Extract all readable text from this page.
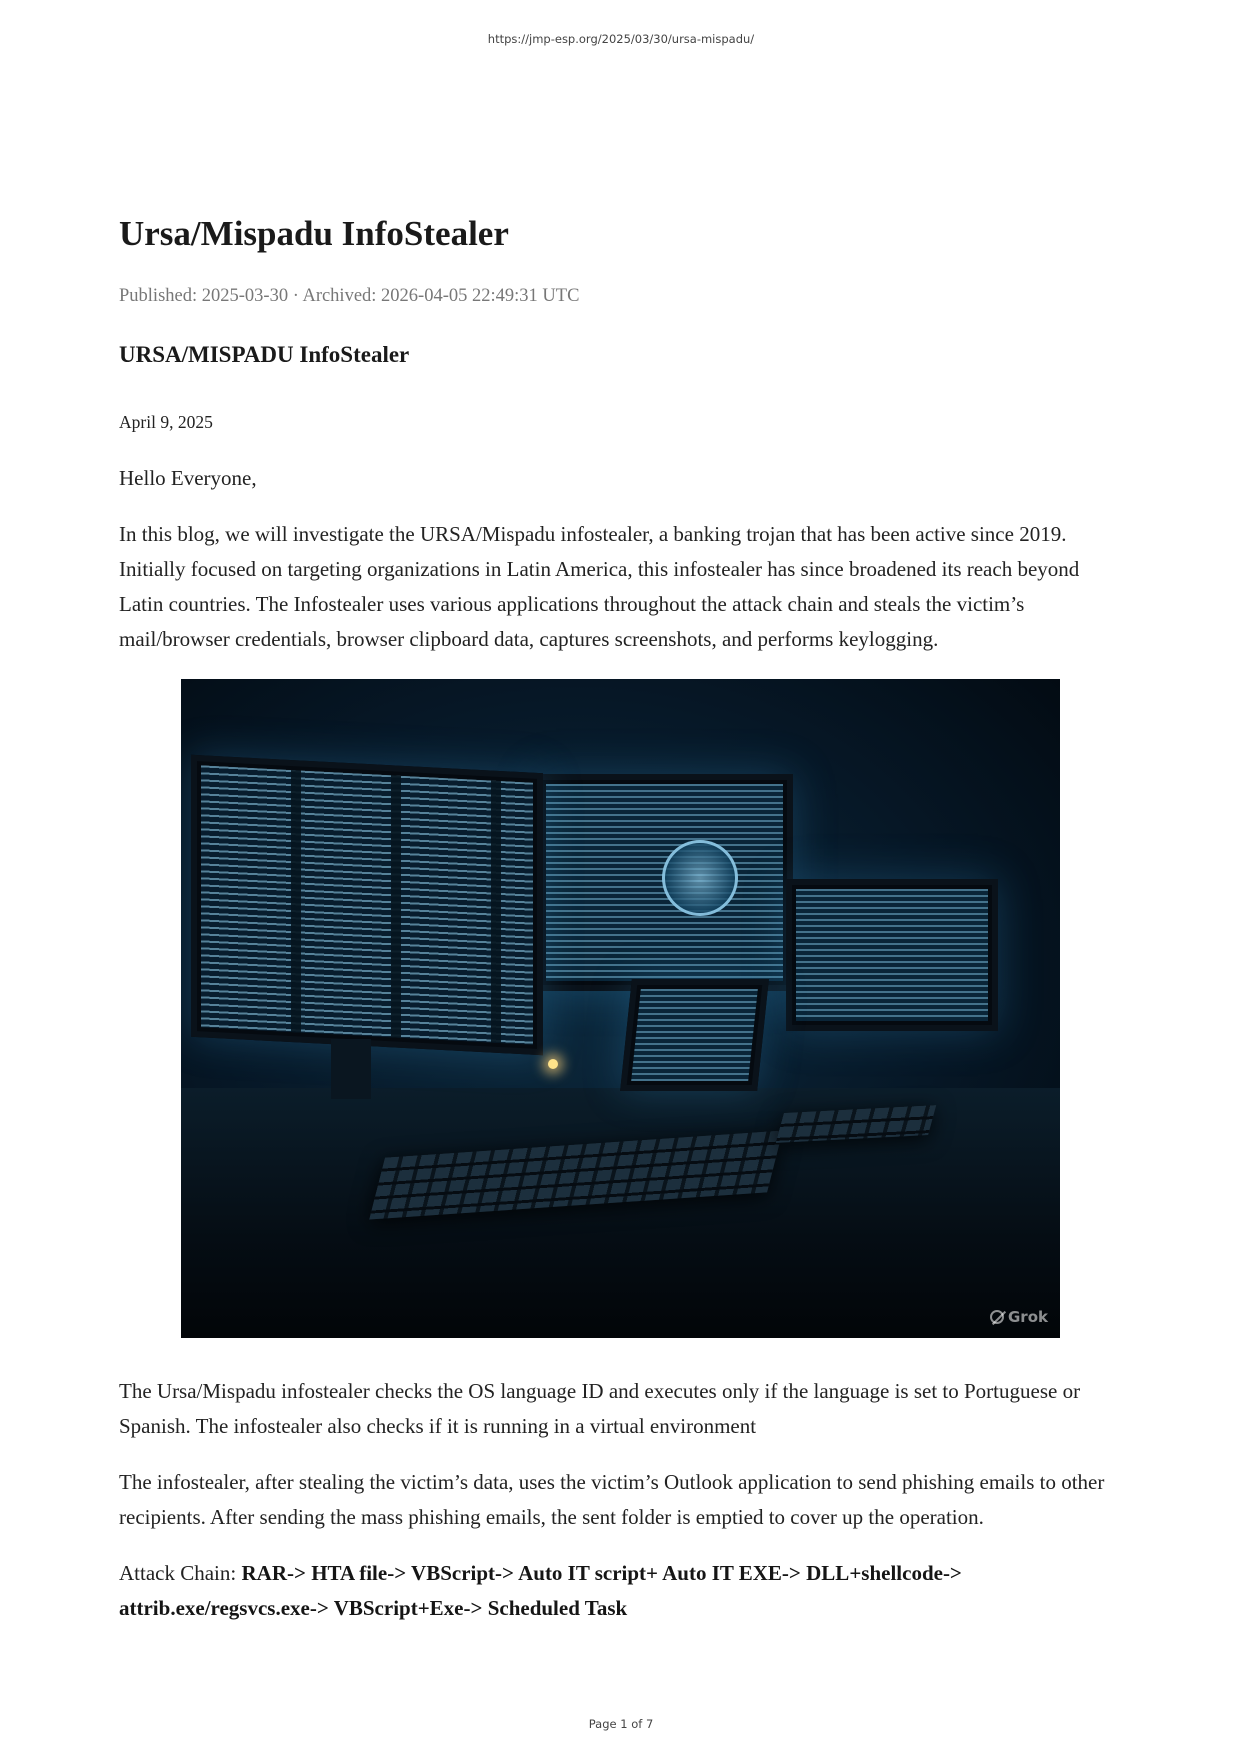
https://jmp-esp.org/2025/03/30/ursa-mispadu/
Ursa/Mispadu InfoStealer
Published: 2025-03-30 · Archived: 2026-04-05 22:49:31 UTC
URSA/MISPADU InfoStealer
April 9, 2025
Hello Everyone,

In this blog, we will investigate the URSA/Mispadu infostealer, a banking trojan that has been active since 2019. Initially focused on targeting organizations in Latin America, this infostealer has since broadened its reach beyond Latin countries. The Infostealer uses various applications throughout the attack chain and steals the victim’s mail/browser credentials, browser clipboard data, captures screenshots, and performs keylogging.

The Ursa/Mispadu infostealer checks the OS language ID and executes only if the language is set to Portuguese or Spanish. The infostealer also checks if it is running in a virtual environment

The infostealer, after stealing the victim’s data, uses the victim’s Outlook application to send phishing emails to other recipients. After sending the mass phishing emails, the sent folder is emptied to cover up the operation.

Attack Chain: RAR-> HTA file-> VBScript-> Auto IT script+ Auto IT EXE-> DLL+shellcode-> attrib.exe/regsvcs.exe-> VBScript+Exe-> Scheduled Task

Grok
Page 1 of 7
